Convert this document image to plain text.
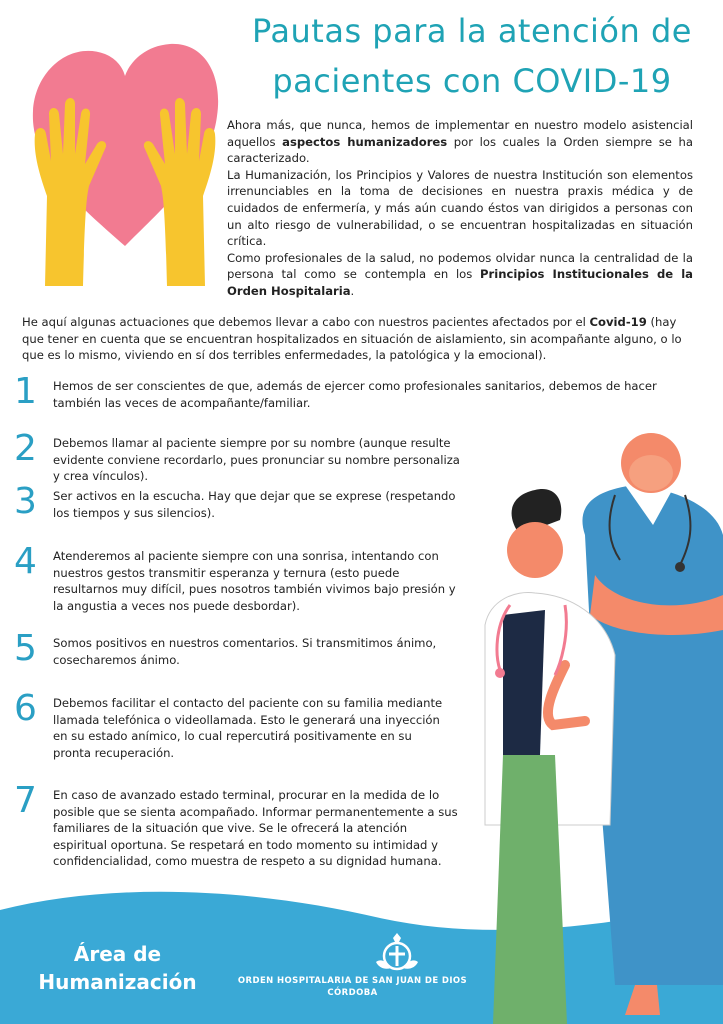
Pautas para la atención de
pacientes con COVID-19

Ahora más, que nunca, hemos de implementar en nuestro modelo asistencial aquellos aspectos humanizadores por los cuales la Orden siempre se ha caracterizado.

La Humanización, los Principios y Valores de nuestra Institución son elementos irrenunciables en la toma de decisiones en nuestra praxis médica y de cuidados de enfermería, y más aún cuando éstos van dirigidos a personas con un alto riesgo de vulnerabilidad, o se encuentran hospitalizadas en situación crítica.

Como profesionales de la salud, no podemos olvidar nunca la centralidad de la persona tal como se contempla en los Principios Institucionales de la Orden Hospitalaria.

He aquí algunas actuaciones que debemos llevar a cabo con nuestros pacientes afectados por el Covid-19 (hay que tener en cuenta que se encuentran hospitalizados en situación de aislamiento, sin acompañante alguno, o lo que es lo mismo, viviendo en sí dos terribles enfermedades, la patológica y la emocional).

1	Hemos de ser conscientes de que, además de ejercer como profesionales sanitarios, debemos de hacer también las veces de acompañante/familiar.
2	Debemos llamar al paciente siempre por su nombre (aunque resulte evidente conviene recordarlo, pues pronunciar su nombre personaliza y crea vínculos).
3	Ser activos en la escucha. Hay que dejar que se exprese (respetando los tiempos y sus silencios).
4	Atenderemos al paciente siempre con una sonrisa, intentando con nuestros gestos transmitir esperanza y ternura (esto puede resultarnos muy difícil, pues nosotros también vivimos bajo presión y la angustia a veces nos puede desbordar).
5	Somos positivos en nuestros comentarios. Si transmitimos ánimo, cosecharemos ánimo.
6	Debemos facilitar el contacto del paciente con su familia mediante llamada telefónica o videollamada. Esto le generará una inyección en su estado anímico, lo cual repercutirá positivamente en su pronta recuperación.
7	En caso de avanzado estado terminal, procurar en la medida de lo posible que se sienta acompañado. Informar permanentemente a sus familiares de la situación que vive. Se le ofrecerá la atención espiritual oportuna. Se respetará en todo momento su intimidad y confidencialidad, como muestra de respeto a su dignidad humana.
Área de
Humanización	ORDEN HOSPITALARIA DE SAN JUAN DE DIOS
CÓRDOBA
